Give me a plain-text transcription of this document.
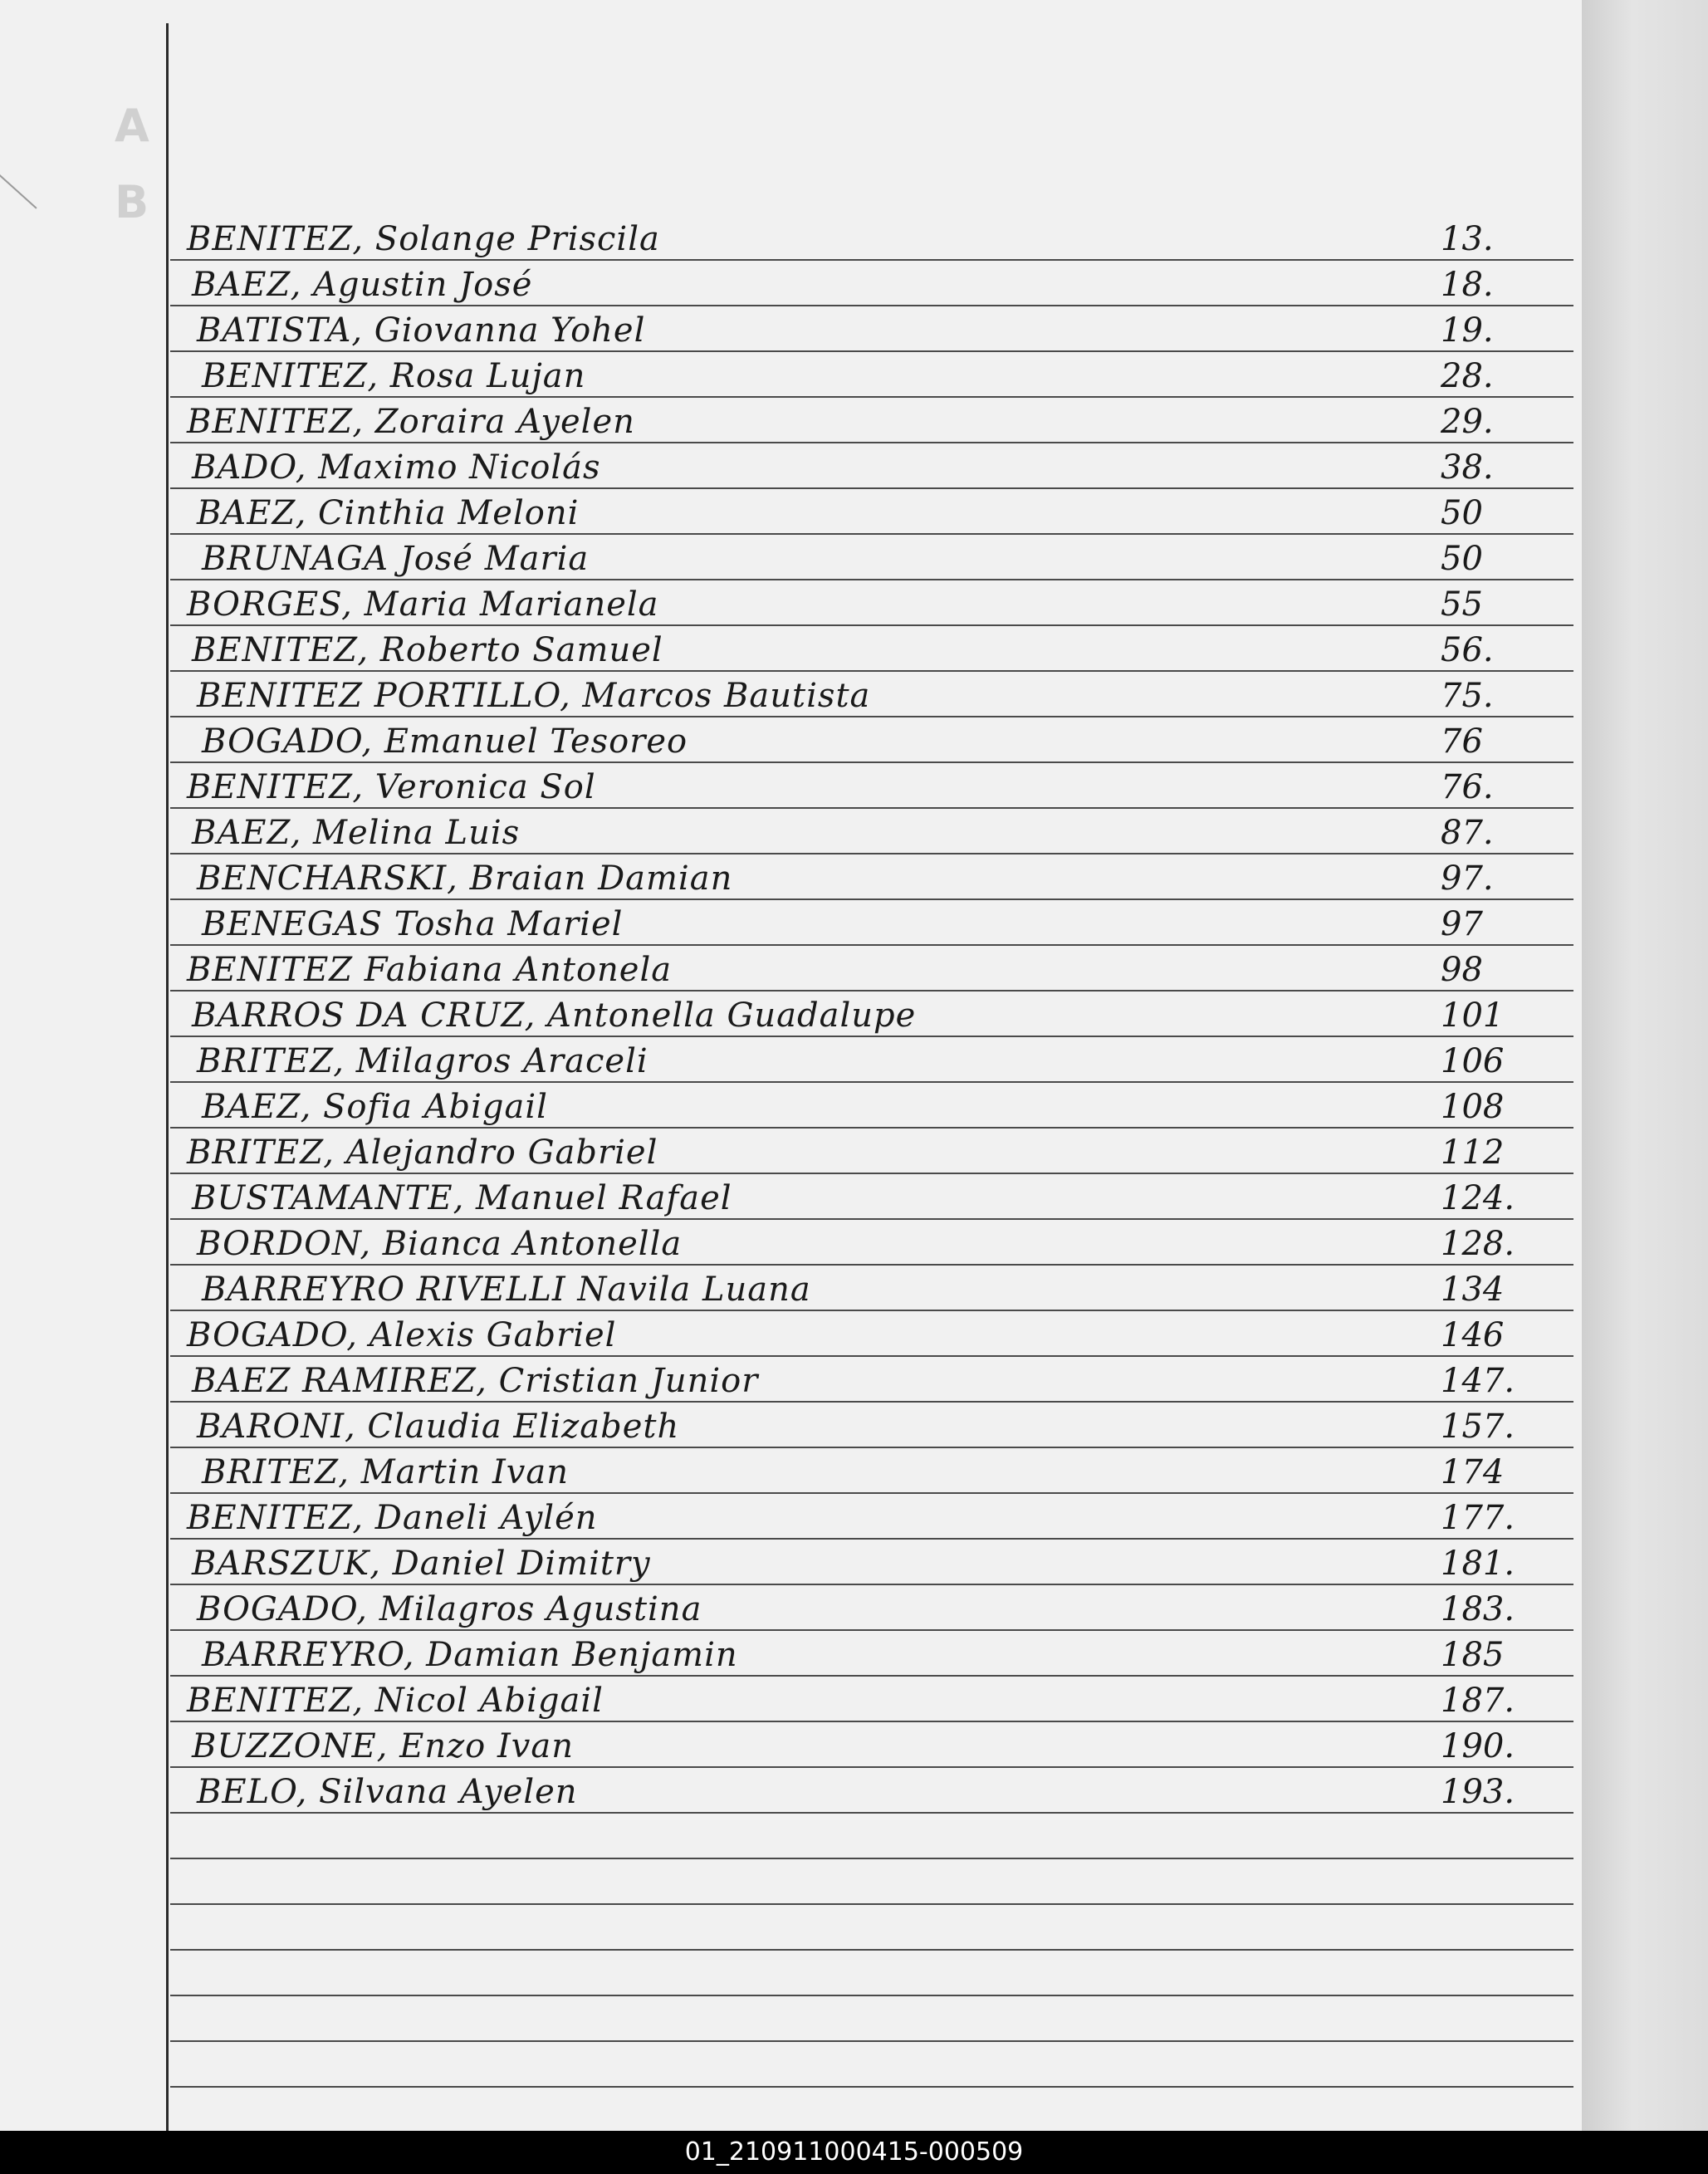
A
B
BENITEZ, Solange Priscila	13.
BAEZ, Agustin José	18.
BATISTA, Giovanna Yohel	19.
BENITEZ, Rosa Lujan	28.
BENITEZ, Zoraira Ayelen	29.
BADO, Maximo Nicolás	38.
BAEZ, Cinthia Meloni	50
BRUNAGA José Maria	50
BORGES, Maria Marianela	55
BENITEZ, Roberto Samuel	56.
BENITEZ PORTILLO, Marcos Bautista	75.
BOGADO, Emanuel Tesoreo	76
BENITEZ, Veronica Sol	76.
BAEZ, Melina Luis	87.
BENCHARSKI, Braian Damian	97.
BENEGAS Tosha Mariel	97
BENITEZ Fabiana Antonela	98
BARROS DA CRUZ, Antonella Guadalupe	101
BRITEZ, Milagros Araceli	106
BAEZ, Sofia Abigail	108
BRITEZ, Alejandro Gabriel	112
BUSTAMANTE, Manuel Rafael	124.
BORDON, Bianca Antonella	128.
BARREYRO RIVELLI Navila Luana	134
BOGADO, Alexis Gabriel	146
BAEZ RAMIREZ, Cristian Junior	147.
BARONI, Claudia Elizabeth	157.
BRITEZ, Martin Ivan	174
BENITEZ, Daneli Aylén	177.
BARSZUK, Daniel Dimitry	181.
BOGADO, Milagros Agustina	183.
BARREYRO, Damian Benjamin	185
BENITEZ, Nicol Abigail	187.
BUZZONE, Enzo Ivan	190.
BELO, Silvana Ayelen	193.
01_210911000415-000509
